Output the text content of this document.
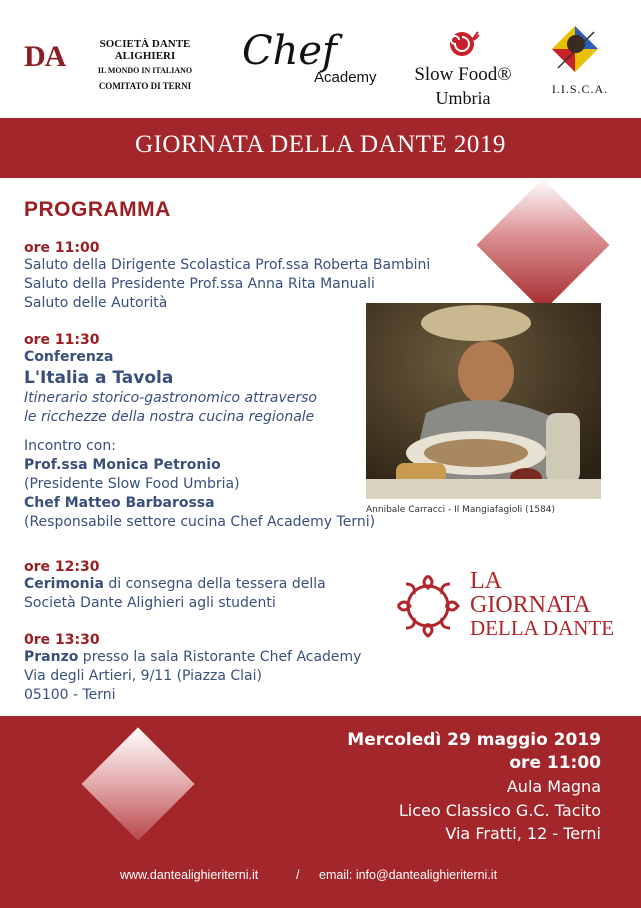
DA	SOCIETÀ DANTE ALIGHIERI
IL MONDO IN ITALIANO
COMITATO DI TERNI
Chef
Academy	Slow Food®
Umbria	I.I.S.C.A.
GIORNATA DELLA DANTE 2019
PROGRAMMA
ore 11:00
Saluto della Dirigente Scolastica Prof.ssa Roberta Bambini
Saluto della Presidente Prof.ssa Anna Rita Manuali
Saluto delle Autorità
ore 11:30
Conferenza
L'Italia a Tavola
Itinerario storico-gastronomico attraverso
le ricchezze della nostra cucina regionale
Incontro con:
Prof.ssa Monica Petronio
(Presidente Slow Food Umbria)
Chef Matteo Barbarossa
(Responsabile settore cucina Chef Academy Terni)
ore 12:30
Cerimonia di consegna della tessera della
Società Dante Alighieri agli studenti
0re 13:30
Pranzo presso la sala Ristorante Chef Academy
Via degli Artieri, 9/11 (Piazza Clai)
05100 - Terni
Annibale Carracci - Il Mangiafagioli (1584)
LA
GIORNATA
DELLA DANTE
Mercoledì 29 maggio 2019
ore 11:00
Aula Magna
Liceo Classico G.C. Tacito
Via Fratti, 12 - Terni
www.dantealighieriterni.it	/ email: info@dantealighieriterni.it
